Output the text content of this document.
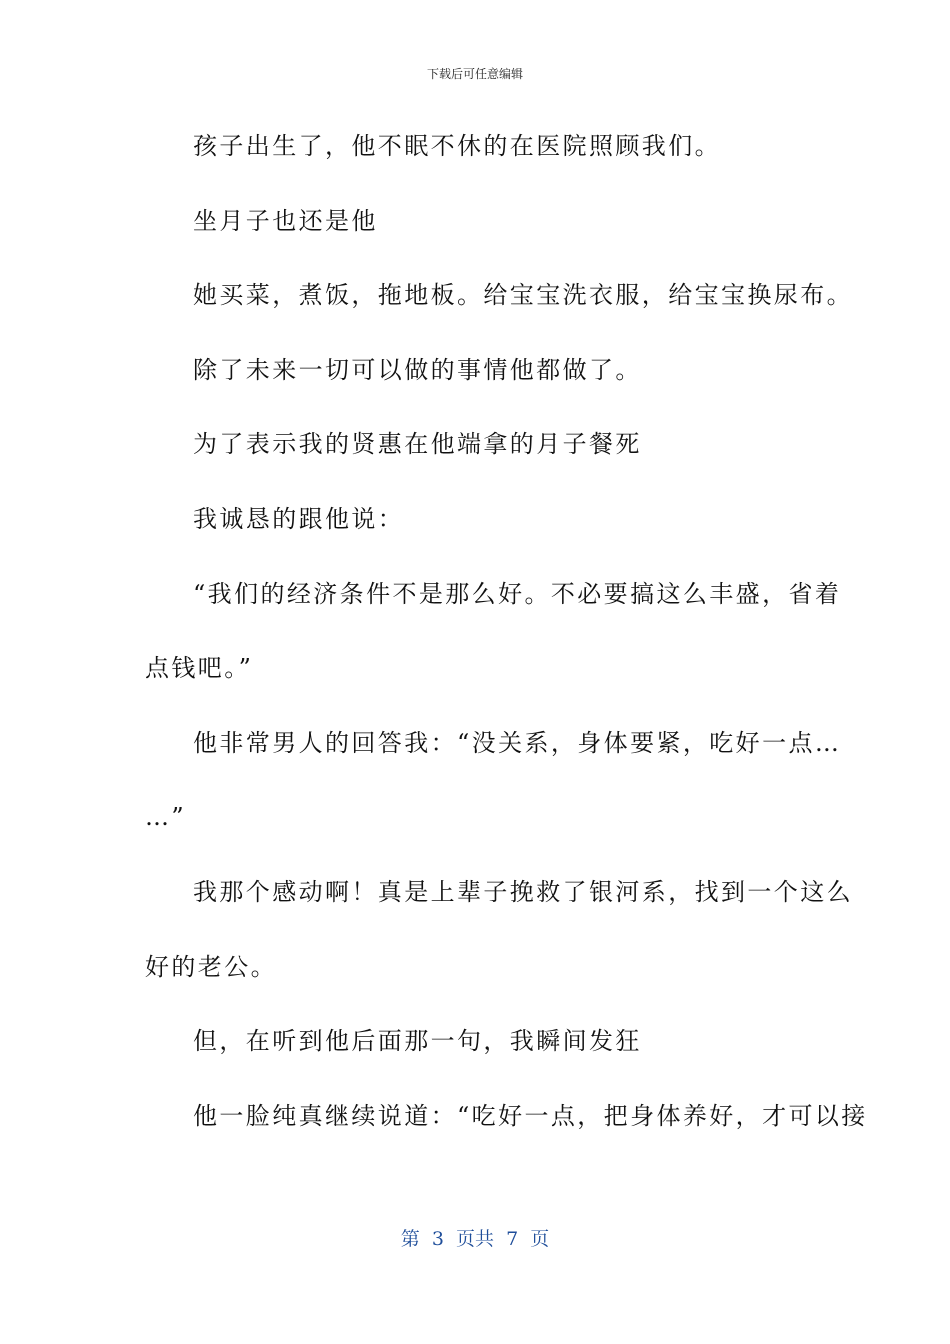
下载后可任意编辑
孩子出生了，他不眠不休的在医院照顾我们。
坐月子也还是他
她买菜，煮饭，拖地板。给宝宝洗衣服，给宝宝换尿布。
除了未来一切可以做的事情他都做了。
为了表示我的贤惠在他端拿的月子餐死
我诚恳的跟他说：
“我们的经济条件不是那么好。不必要搞这么丰盛，省着
点钱吧。”
他非常男人的回答我：“没关系，身体要紧，吃好一点…
…”
我那个感动啊！真是上辈子挽救了银河系，找到一个这么
好的老公。
但，在听到他后面那一句，我瞬间发狂
他一脸纯真继续说道：“吃好一点，把身体养好，才可以接
第  3  页共  7  页
